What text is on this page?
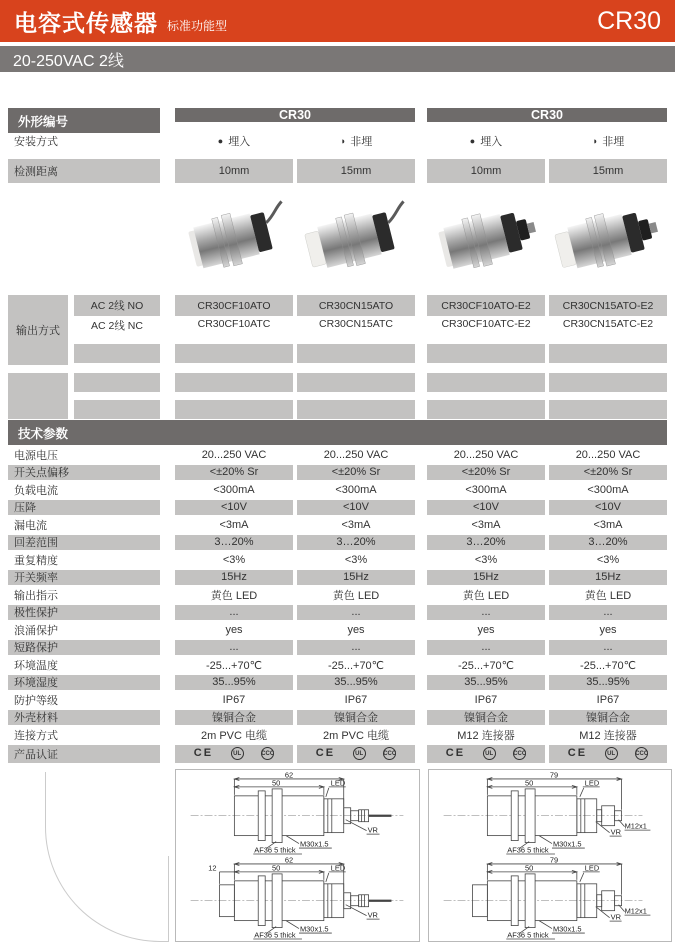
电容式传感器 标准功能型	CR30
20-250VAC 2线
外形编号	CR30	CR30
安装方式	● 埋入	◑ 非埋	● 埋入	◑ 非埋
检测距离	10mm	15mm	10mm	15mm
输出方式
AC 2线 NO	CR30CF10ATO	CR30CN15ATO	CR30CF10ATO-E2	CR30CN15ATO-E2
AC 2线 NC	CR30CF10ATC	CR30CN15ATC	CR30CF10ATC-E2	CR30CN15ATC-E2
技术参数
电源电压	20...250 VAC	20...250 VAC	20...250 VAC	20...250 VAC
开关点偏移	<±20% Sr	<±20% Sr	<±20% Sr	<±20% Sr
负载电流	<300mA	<300mA	<300mA	<300mA
压降	<10V	<10V	<10V	<10V
漏电流	<3mA	<3mA	<3mA	<3mA
回差范围	3…20%	3…20%	3…20%	3…20%
重复精度	<3%	<3%	<3%	<3%
开关频率	15Hz	15Hz	15Hz	15Hz
输出指示	黄色 LED	黄色 LED	黄色 LED	黄色 LED
极性保护	...	...	...	...
浪涌保护	yes	yes	yes	yes
短路保护	...	...	...	...
环境温度	-25...+70℃	-25...+70℃	-25...+70℃	-25...+70℃
环境湿度	35...95%	35...95%	35...95%	35...95%
防护等级	IP67	IP67	IP67	IP67
外壳材料	镍铜合金	镍铜合金	镍铜合金	镍铜合金
连接方式	2m PVC 电缆	2m PVC 电缆	M12 连接器	M12 连接器
产品认证	CE	UL	CCC	CE	UL	CCC	CE	UL	CCC	CE	UL	CCC
62
50	LED
VR
M30x1.5
AF36 5 thick
62
50
12	LED
VR
M30x1.5
AF36 5 thick
79
50	LED
VR
M12x1
M30x1.5
AF36 5 thick
79
50	LED
VR
M12x1
M30x1.5
AF36 5 thick
